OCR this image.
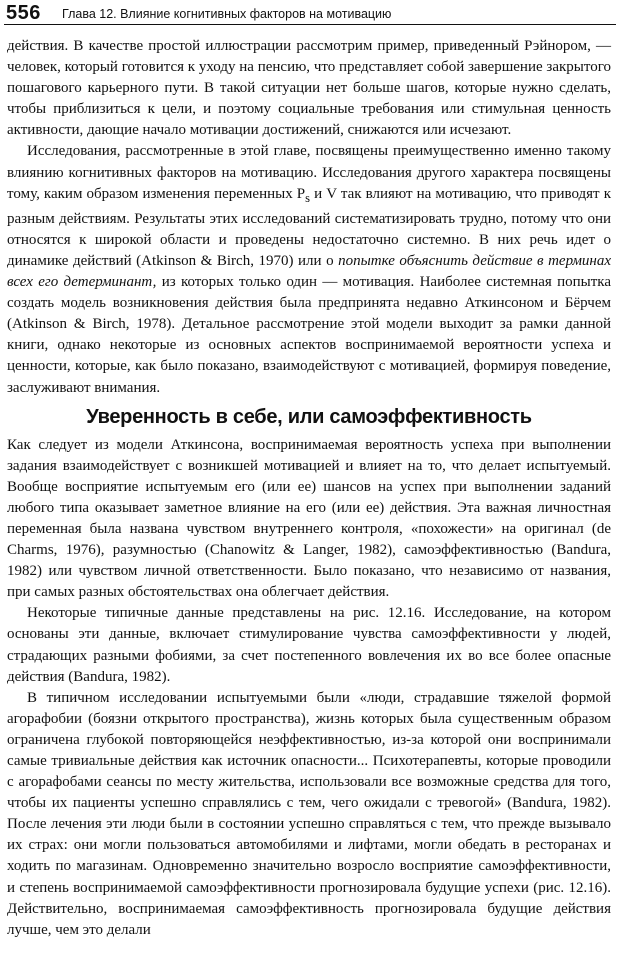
556 Глава 12. Влияние когнитивных факторов на мотивацию

действия. В качестве простой иллюстрации рассмотрим пример, приведенный Рэйнором, — человек, который готовится к уходу на пенсию, что представляет собой завершение закрытого пошагового карьерного пути. В такой ситуации нет больше шагов, которые нужно сделать, чтобы приблизиться к цели, и поэтому социальные требования или стимульная ценность активности, дающие начало мотивации достижений, снижаются или исчезают.

Исследования, рассмотренные в этой главе, посвящены преимущественно именно такому влиянию когнитивных факторов на мотивацию. Исследования другого характера посвящены тому, каким образом изменения переменных $P_s$ и V так влияют на мотивацию, что приводят к разным действиям. Результаты этих исследований систематизировать трудно, потому что они относятся к широкой области и проведены недостаточно системно. В них речь идет о динамике действий (Atkinson & Birch, 1970) или о попытке объяснить действие в терминах всех его детерминант, из которых только один — мотивация. Наиболее системная попытка создать модель возникновения действия была предпринята недавно Аткинсоном и Бёрчем (Atkinson & Birch, 1978). Детальное рассмотрение этой модели выходит за рамки данной книги, однако некоторые из основных аспектов воспринимаемой вероятности успеха и ценности, которые, как было показано, взаимодействуют с мотивацией, формируя поведение, заслуживают внимания.

Уверенность в себе, или самоэффективность

Как следует из модели Аткинсона, воспринимаемая вероятность успеха при выполнении задания взаимодействует с возникшей мотивацией и влияет на то, что делает испытуемый. Вообще восприятие испытуемым его (или ее) шансов на успех при выполнении заданий любого типа оказывает заметное влияние на его (или ее) действия. Эта важная личностная переменная была названа чувством внутреннего контроля, «похожести» на оригинал (de Charms, 1976), разумностью (Chanowitz & Langer, 1982), самоэффективностью (Bandura, 1982) или чувством личной ответственности. Было показано, что независимо от названия, при самых разных обстоятельствах она облегчает действия.

Некоторые типичные данные представлены на рис. 12.16. Исследование, на котором основаны эти данные, включает стимулирование чувства самоэффективности у людей, страдающих разными фобиями, за счет постепенного вовлечения их во все более опасные действия (Bandura, 1982).

В типичном исследовании испытуемыми были «люди, страдавшие тяжелой формой агорафобии (боязни открытого пространства), жизнь которых была существенным образом ограничена глубокой повторяющейся неэффективностью, из-за которой они воспринимали самые тривиальные действия как источник опасности... Психотерапевты, которые проводили с агорафобами сеансы по месту жительства, использовали все возможные средства для того, чтобы их пациенты успешно справлялись с тем, чего ожидали с тревогой» (Bandura, 1982). После лечения эти люди были в состоянии успешно справляться с тем, что прежде вызывало их страх: они могли пользоваться автомобилями и лифтами, могли обедать в ресторанах и ходить по магазинам. Одновременно значительно возросло восприятие самоэффективности, и степень воспринимаемой самоэффективности прогнозировала будущие успехи (рис. 12.16). Действительно, воспринимаемая самоэффективность прогнозировала будущие действия лучше, чем это делали
